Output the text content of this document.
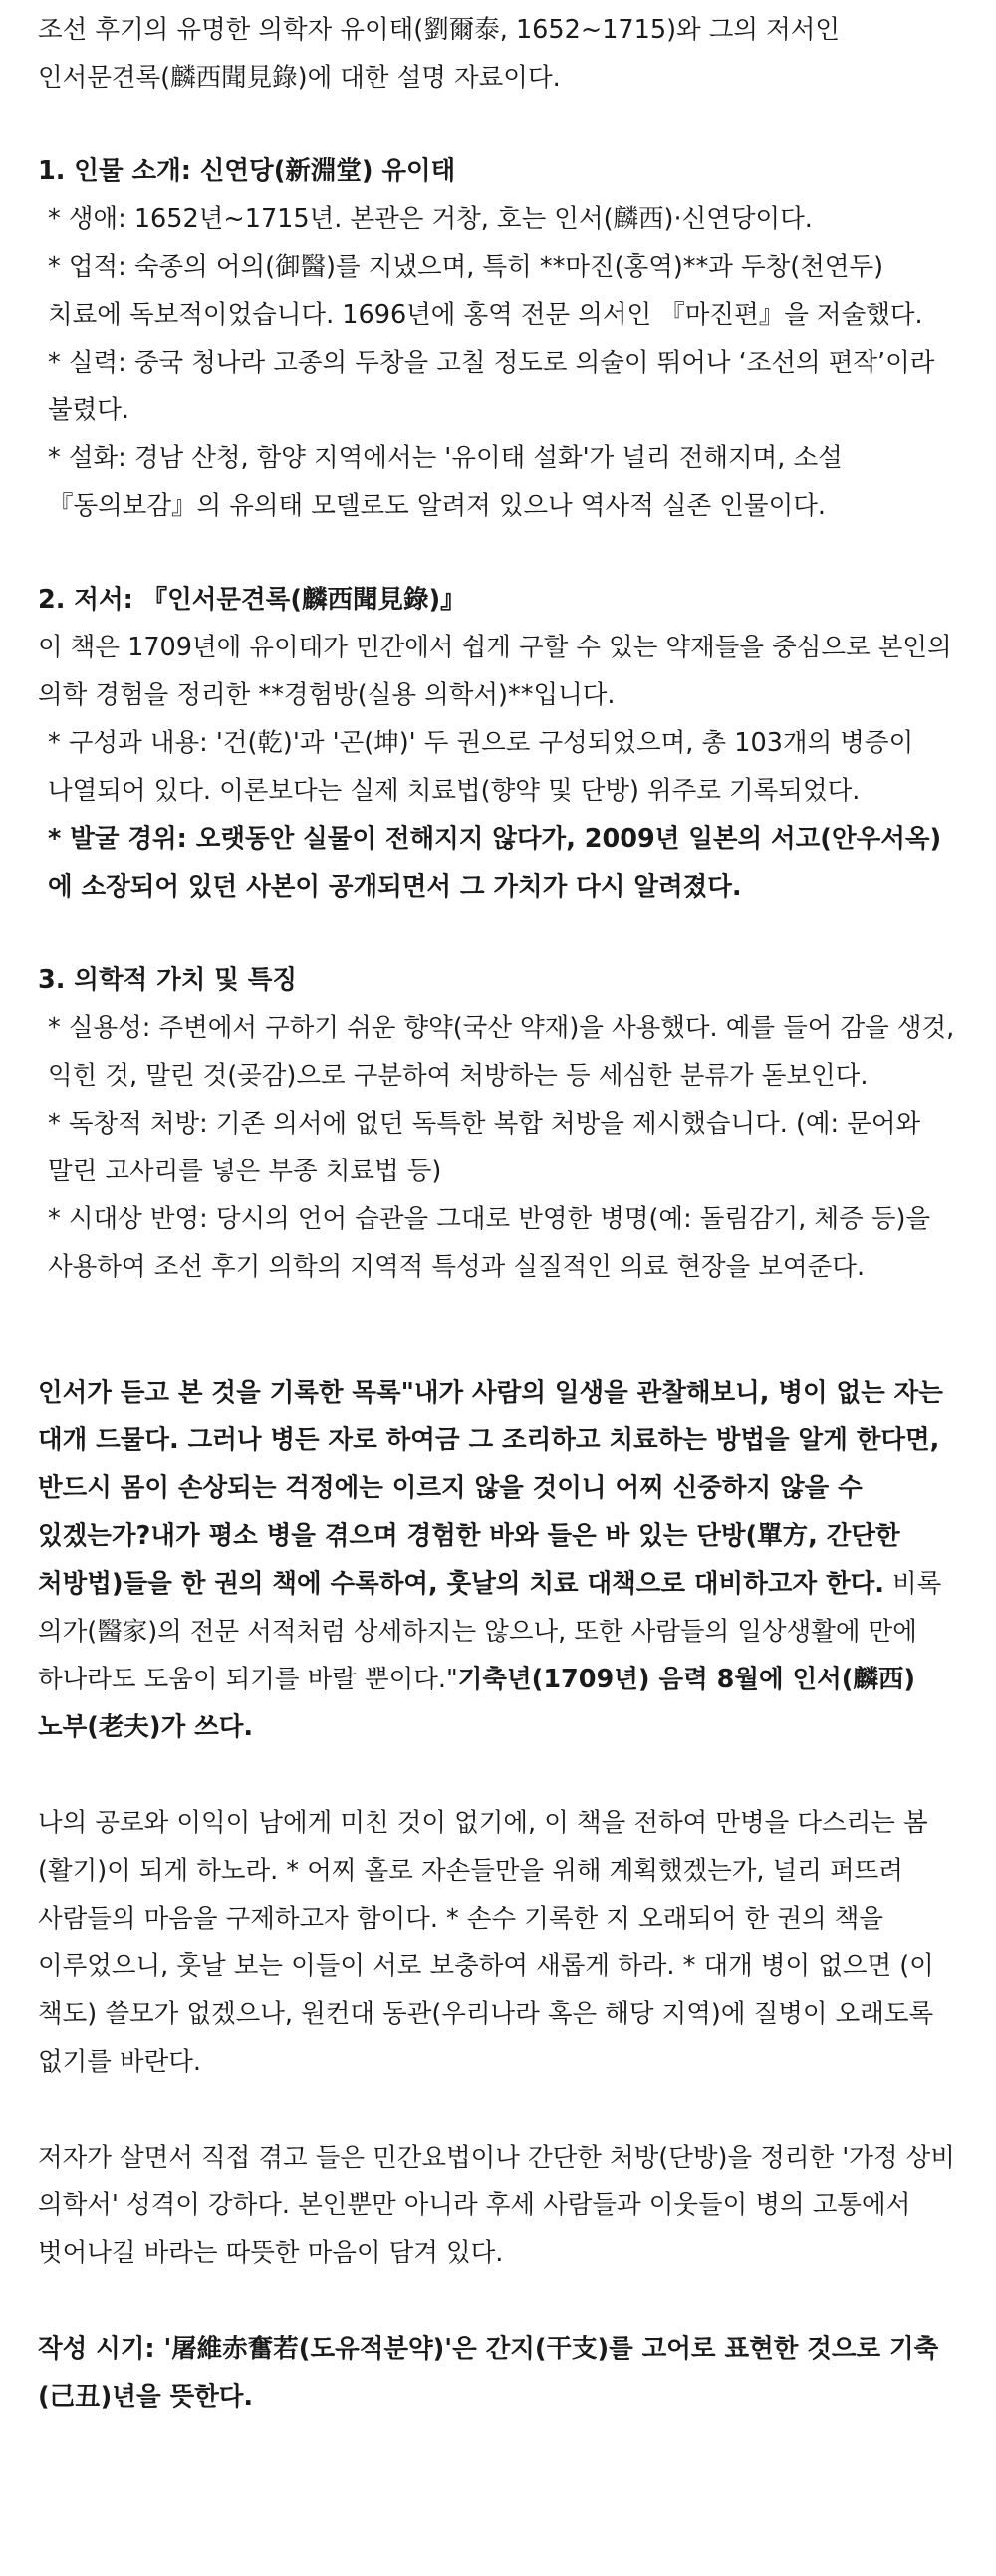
조선 후기의 유명한 의학자 유이태(劉爾泰, 1652~1715)와 그의 저서인 인서문견록(麟西聞見錄)에 대한 설명 자료이다.

1. 인물 소개: 신연당(新淵堂) 유이태

* 생애: 1652년~1715년. 본관은 거창, 호는 인서(麟西)·신연당이다.

* 업적: 숙종의 어의(御醫)를 지냈으며, 특히 **마진(홍역)**과 두창(천연두) 치료에 독보적이었습니다. 1696년에 홍역 전문 의서인 『마진편』을 저술했다.

* 실력: 중국 청나라 고종의 두창을 고칠 정도로 의술이 뛰어나 ‘조선의 편작’이라 불렸다.

* 설화: 경남 산청, 함양 지역에서는 '유이태 설화'가 널리 전해지며, 소설 『동의보감』의 유의태 모델로도 알려져 있으나 역사적 실존 인물이다.

2. 저서: 『인서문견록(麟西聞見錄)』

이 책은 1709년에 유이태가 민간에서 쉽게 구할 수 있는 약재들을 중심으로 본인의 의학 경험을 정리한 **경험방(실용 의학서)**입니다.

* 구성과 내용: '건(乾)'과 '곤(坤)' 두 권으로 구성되었으며, 총 103개의 병증이 나열되어 있다. 이론보다는 실제 치료법(향약 및 단방) 위주로 기록되었다.

* 발굴 경위: 오랫동안 실물이 전해지지 않다가, 2009년 일본의 서고(안우서옥)에 소장되어 있던 사본이 공개되면서 그 가치가 다시 알려졌다.

3. 의학적 가치 및 특징

* 실용성: 주변에서 구하기 쉬운 향약(국산 약재)을 사용했다. 예를 들어 감을 생것, 익힌 것, 말린 것(곶감)으로 구분하여 처방하는 등 세심한 분류가 돋보인다.

* 독창적 처방: 기존 의서에 없던 독특한 복합 처방을 제시했습니다. (예: 문어와 말린 고사리를 넣은 부종 치료법 등)

* 시대상 반영: 당시의 언어 습관을 그대로 반영한 병명(예: 돌림감기, 체증 등)을 사용하여 조선 후기 의학의 지역적 특성과 실질적인 의료 현장을 보여준다.

인서가 듣고 본 것을 기록한 목록"내가 사람의 일생을 관찰해보니, 병이 없는 자는 대개 드물다. 그러나 병든 자로 하여금 그 조리하고 치료하는 방법을 알게 한다면, 반드시 몸이 손상되는 걱정에는 이르지 않을 것이니 어찌 신중하지 않을 수 있겠는가?내가 평소 병을 겪으며 경험한 바와 들은 바 있는 단방(單方, 간단한 처방법)들을 한 권의 책에 수록하여, 훗날의 치료 대책으로 대비하고자 한다. 비록 의가(醫家)의 전문 서적처럼 상세하지는 않으나, 또한 사람들의 일상생활에 만에 하나라도 도움이 되기를 바랄 뿐이다."기축년(1709년) 음력 8월에 인서(麟西) 노부(老夫)가 쓰다.

나의 공로와 이익이 남에게 미친 것이 없기에, 이 책을 전하여 만병을 다스리는 봄(활기)이 되게 하노라. * 어찌 홀로 자손들만을 위해 계획했겠는가, 널리 퍼뜨려 사람들의 마음을 구제하고자 함이다. * 손수 기록한 지 오래되어 한 권의 책을 이루었으니, 훗날 보는 이들이 서로 보충하여 새롭게 하라. * 대개 병이 없으면 (이 책도) 쓸모가 없겠으나, 원컨대 동관(우리나라 혹은 해당 지역)에 질병이 오래도록 없기를 바란다.

저자가 살면서 직접 겪고 들은 민간요법이나 간단한 처방(단방)을 정리한 '가정 상비 의학서' 성격이 강하다. 본인뿐만 아니라 후세 사람들과 이웃들이 병의 고통에서 벗어나길 바라는 따뜻한 마음이 담겨 있다.

작성 시기: '屠維赤奮若(도유적분약)'은 간지(干支)를 고어로 표현한 것으로 기축(己丑)년을 뜻한다.
